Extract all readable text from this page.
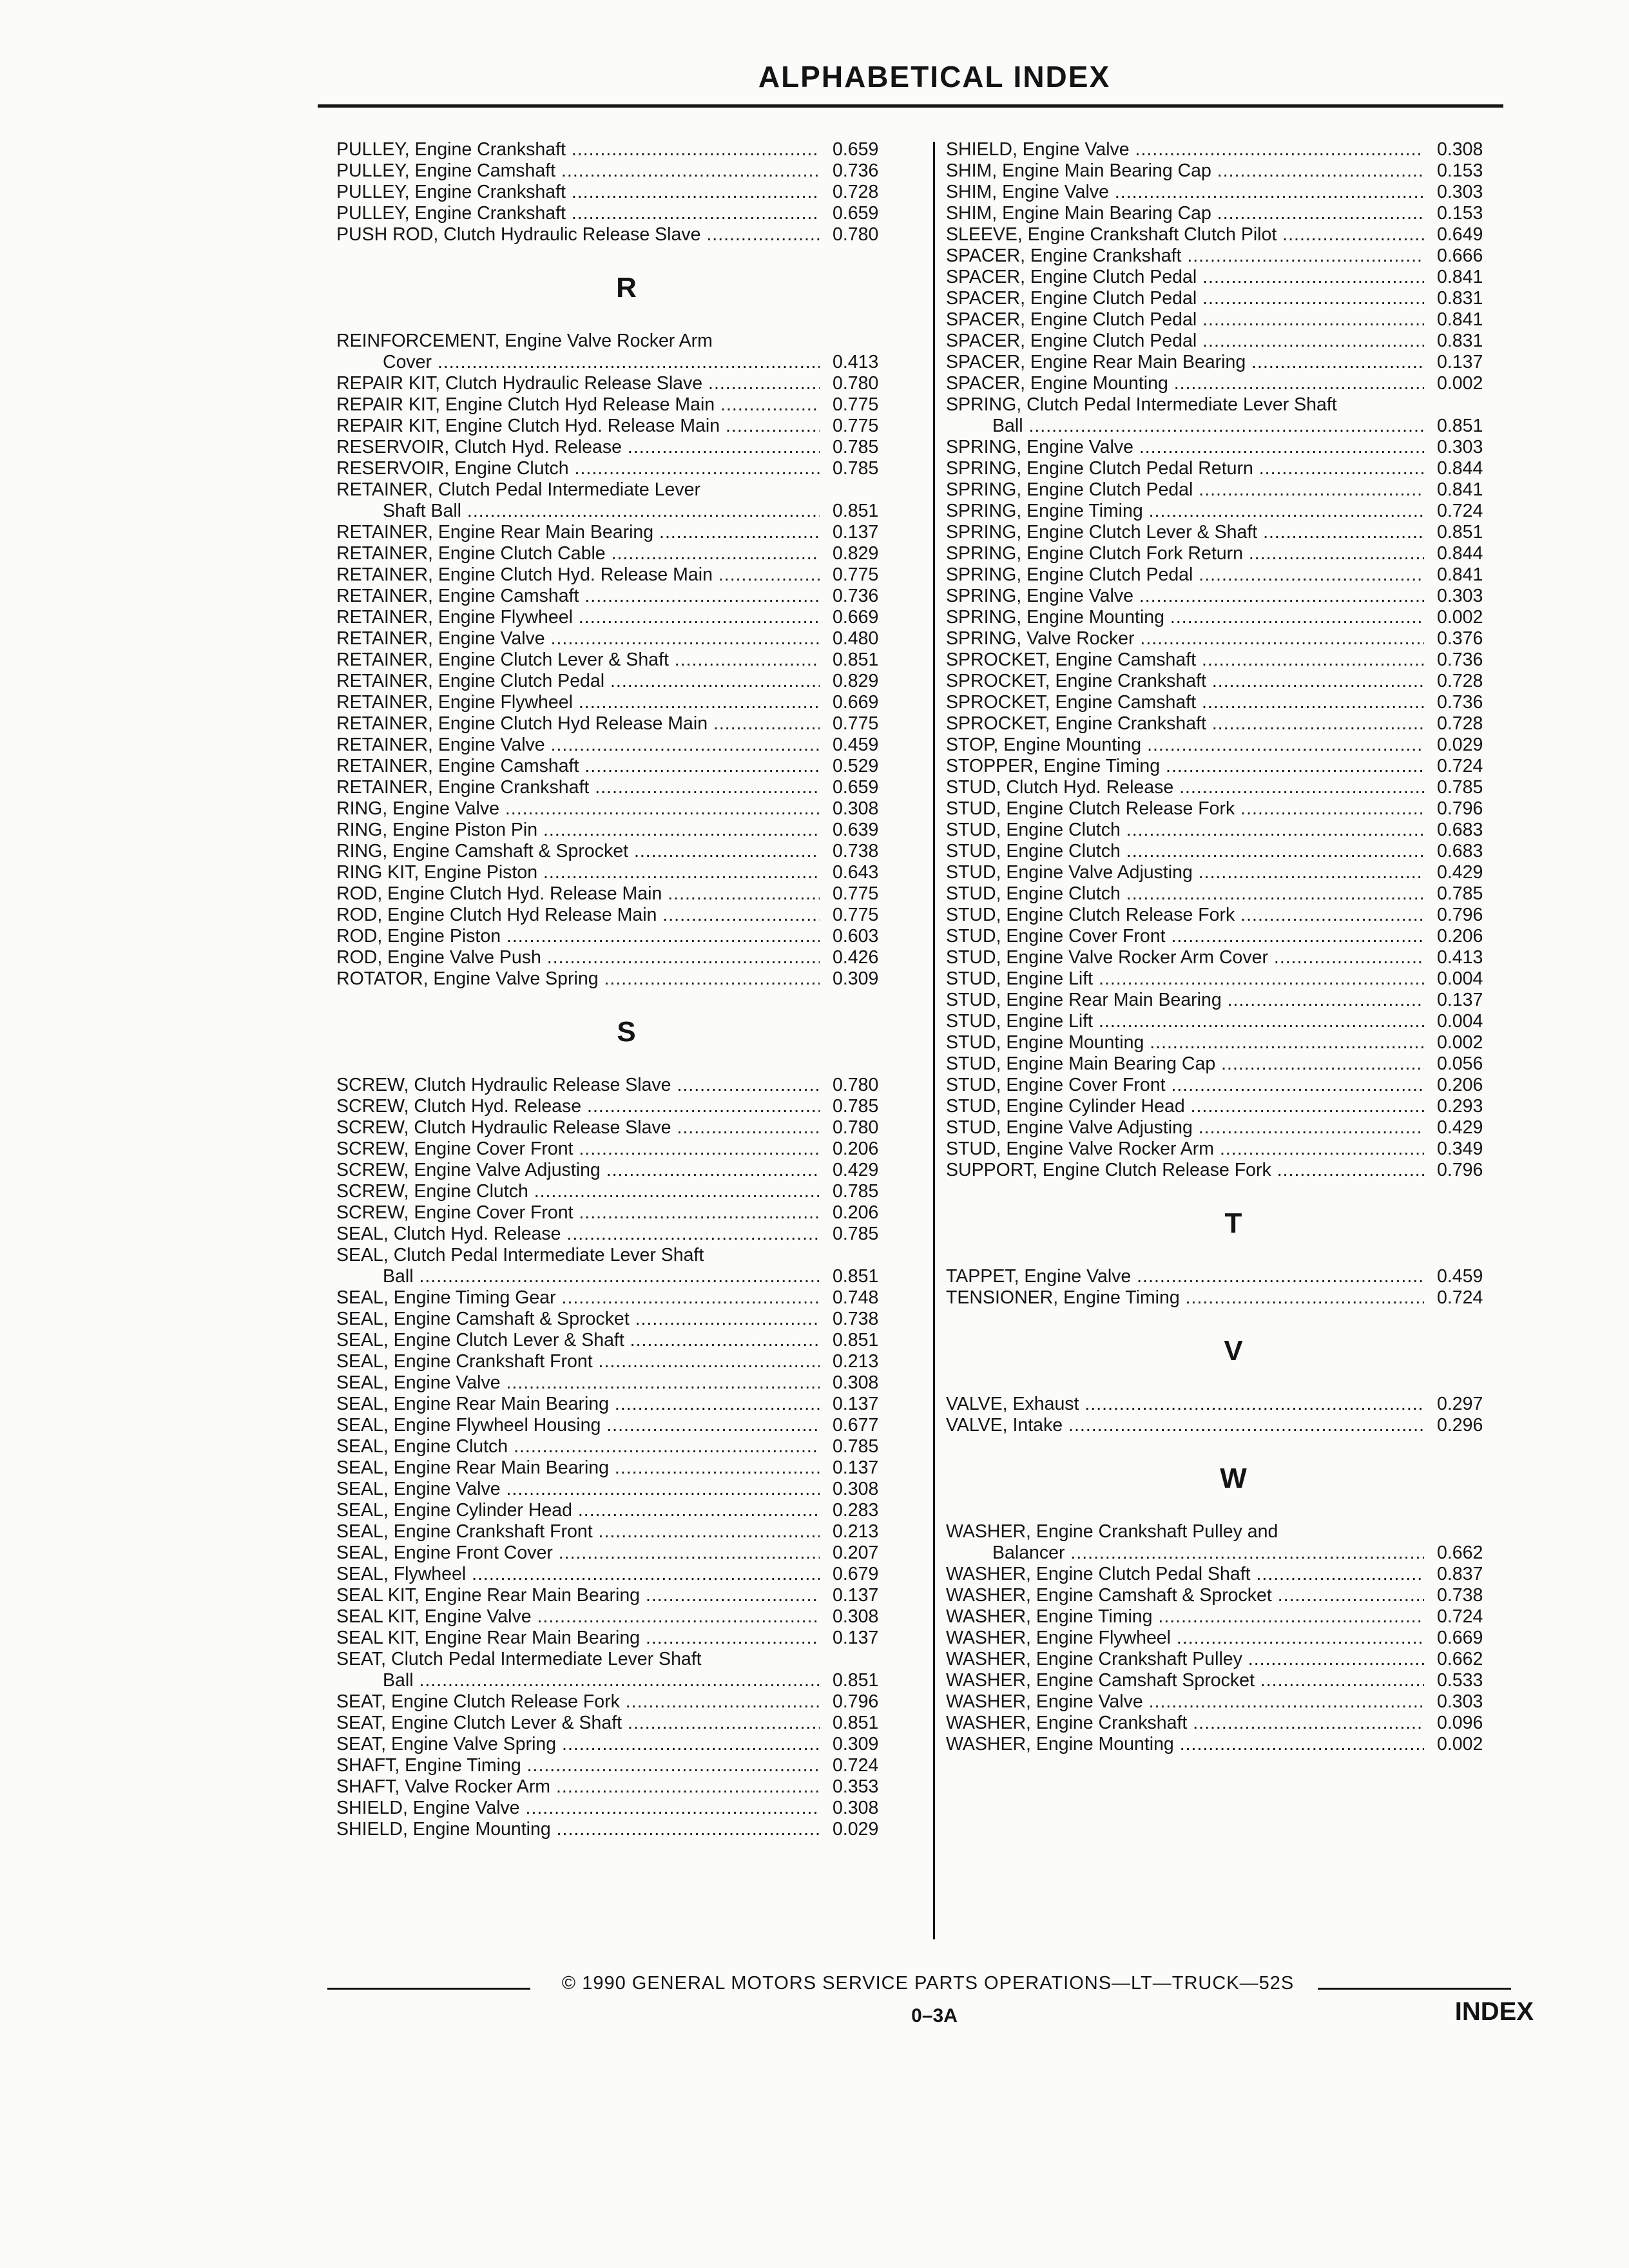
ALPHABETICAL INDEX
PULLEY, Engine Crankshaft .....	0.659
PULLEY, Engine Camshaft .....	0.736
PULLEY, Engine Crankshaft .....	0.728
PULLEY, Engine Crankshaft .....	0.659
PUSH ROD, Clutch Hydraulic Release Slave .....	0.780
R
REINFORCEMENT, Engine Valve Rocker Arm
Cover .....	0.413
REPAIR KIT, Clutch Hydraulic Release Slave .....	0.780
REPAIR KIT, Engine Clutch Hyd Release Main .....	0.775
REPAIR KIT, Engine Clutch Hyd. Release Main .....	0.775
RESERVOIR, Clutch Hyd. Release .....	0.785
RESERVOIR, Engine Clutch .....	0.785
RETAINER, Clutch Pedal Intermediate Lever
Shaft Ball .....	0.851
RETAINER, Engine Rear Main Bearing .....	0.137
RETAINER, Engine Clutch Cable .....	0.829
RETAINER, Engine Clutch Hyd. Release Main .....	0.775
RETAINER, Engine Camshaft .....	0.736
RETAINER, Engine Flywheel .....	0.669
RETAINER, Engine Valve .....	0.480
RETAINER, Engine Clutch Lever & Shaft .....	0.851
RETAINER, Engine Clutch Pedal .....	0.829
RETAINER, Engine Flywheel .....	0.669
RETAINER, Engine Clutch Hyd Release Main .....	0.775
RETAINER, Engine Valve .....	0.459
RETAINER, Engine Camshaft .....	0.529
RETAINER, Engine Crankshaft .....	0.659
RING, Engine Valve .....	0.308
RING, Engine Piston Pin .....	0.639
RING, Engine Camshaft & Sprocket .....	0.738
RING KIT, Engine Piston .....	0.643
ROD, Engine Clutch Hyd. Release Main .....	0.775
ROD, Engine Clutch Hyd Release Main .....	0.775
ROD, Engine Piston .....	0.603
ROD, Engine Valve Push .....	0.426
ROTATOR, Engine Valve Spring .....	0.309
S
SCREW, Clutch Hydraulic Release Slave .....	0.780
SCREW, Clutch Hyd. Release .....	0.785
SCREW, Clutch Hydraulic Release Slave .....	0.780
SCREW, Engine Cover Front .....	0.206
SCREW, Engine Valve Adjusting .....	0.429
SCREW, Engine Clutch .....	0.785
SCREW, Engine Cover Front .....	0.206
SEAL, Clutch Hyd. Release .....	0.785
SEAL, Clutch Pedal Intermediate Lever Shaft
Ball .....	0.851
SEAL, Engine Timing Gear .....	0.748
SEAL, Engine Camshaft & Sprocket .....	0.738
SEAL, Engine Clutch Lever & Shaft .....	0.851
SEAL, Engine Crankshaft Front .....	0.213
SEAL, Engine Valve .....	0.308
SEAL, Engine Rear Main Bearing .....	0.137
SEAL, Engine Flywheel Housing .....	0.677
SEAL, Engine Clutch .....	0.785
SEAL, Engine Rear Main Bearing .....	0.137
SEAL, Engine Valve .....	0.308
SEAL, Engine Cylinder Head .....	0.283
SEAL, Engine Crankshaft Front .....	0.213
SEAL, Engine Front Cover .....	0.207
SEAL, Flywheel .....	0.679
SEAL KIT, Engine Rear Main Bearing .....	0.137
SEAL KIT, Engine Valve .....	0.308
SEAL KIT, Engine Rear Main Bearing .....	0.137
SEAT, Clutch Pedal Intermediate Lever Shaft
Ball .....	0.851
SEAT, Engine Clutch Release Fork .....	0.796
SEAT, Engine Clutch Lever & Shaft .....	0.851
SEAT, Engine Valve Spring .....	0.309
SHAFT, Engine Timing .....	0.724
SHAFT, Valve Rocker Arm .....	0.353
SHIELD, Engine Valve .....	0.308
SHIELD, Engine Mounting .....	0.029
SHIELD, Engine Valve .....	0.308
SHIM, Engine Main Bearing Cap .....	0.153
SHIM, Engine Valve .....	0.303
SHIM, Engine Main Bearing Cap .....	0.153
SLEEVE, Engine Crankshaft Clutch Pilot .....	0.649
SPACER, Engine Crankshaft .....	0.666
SPACER, Engine Clutch Pedal .....	0.841
SPACER, Engine Clutch Pedal .....	0.831
SPACER, Engine Clutch Pedal .....	0.841
SPACER, Engine Clutch Pedal .....	0.831
SPACER, Engine Rear Main Bearing .....	0.137
SPACER, Engine Mounting .....	0.002
SPRING, Clutch Pedal Intermediate Lever Shaft
Ball .....	0.851
SPRING, Engine Valve .....	0.303
SPRING, Engine Clutch Pedal Return .....	0.844
SPRING, Engine Clutch Pedal .....	0.841
SPRING, Engine Timing .....	0.724
SPRING, Engine Clutch Lever & Shaft .....	0.851
SPRING, Engine Clutch Fork Return .....	0.844
SPRING, Engine Clutch Pedal .....	0.841
SPRING, Engine Valve .....	0.303
SPRING, Engine Mounting .....	0.002
SPRING, Valve Rocker .....	0.376
SPROCKET, Engine Camshaft .....	0.736
SPROCKET, Engine Crankshaft .....	0.728
SPROCKET, Engine Camshaft .....	0.736
SPROCKET, Engine Crankshaft .....	0.728
STOP, Engine Mounting .....	0.029
STOPPER, Engine Timing .....	0.724
STUD, Clutch Hyd. Release .....	0.785
STUD, Engine Clutch Release Fork .....	0.796
STUD, Engine Clutch .....	0.683
STUD, Engine Clutch .....	0.683
STUD, Engine Valve Adjusting .....	0.429
STUD, Engine Clutch .....	0.785
STUD, Engine Clutch Release Fork .....	0.796
STUD, Engine Cover Front .....	0.206
STUD, Engine Valve Rocker Arm Cover .....	0.413
STUD, Engine Lift .....	0.004
STUD, Engine Rear Main Bearing .....	0.137
STUD, Engine Lift .....	0.004
STUD, Engine Mounting .....	0.002
STUD, Engine Main Bearing Cap .....	0.056
STUD, Engine Cover Front .....	0.206
STUD, Engine Cylinder Head .....	0.293
STUD, Engine Valve Adjusting .....	0.429
STUD, Engine Valve Rocker Arm .....	0.349
SUPPORT, Engine Clutch Release Fork .....	0.796
T
TAPPET, Engine Valve .....	0.459
TENSIONER, Engine Timing .....	0.724
V
VALVE, Exhaust .....	0.297
VALVE, Intake .....	0.296
W
WASHER, Engine Crankshaft Pulley and
Balancer .....	0.662
WASHER, Engine Clutch Pedal Shaft .....	0.837
WASHER, Engine Camshaft & Sprocket .....	0.738
WASHER, Engine Timing .....	0.724
WASHER, Engine Flywheel .....	0.669
WASHER, Engine Crankshaft Pulley .....	0.662
WASHER, Engine Camshaft Sprocket .....	0.533
WASHER, Engine Valve .....	0.303
WASHER, Engine Crankshaft .....	0.096
WASHER, Engine Mounting .....	0.002
© 1990 GENERAL MOTORS SERVICE PARTS OPERATIONS—LT—TRUCK—52S
0–3A	INDEX
